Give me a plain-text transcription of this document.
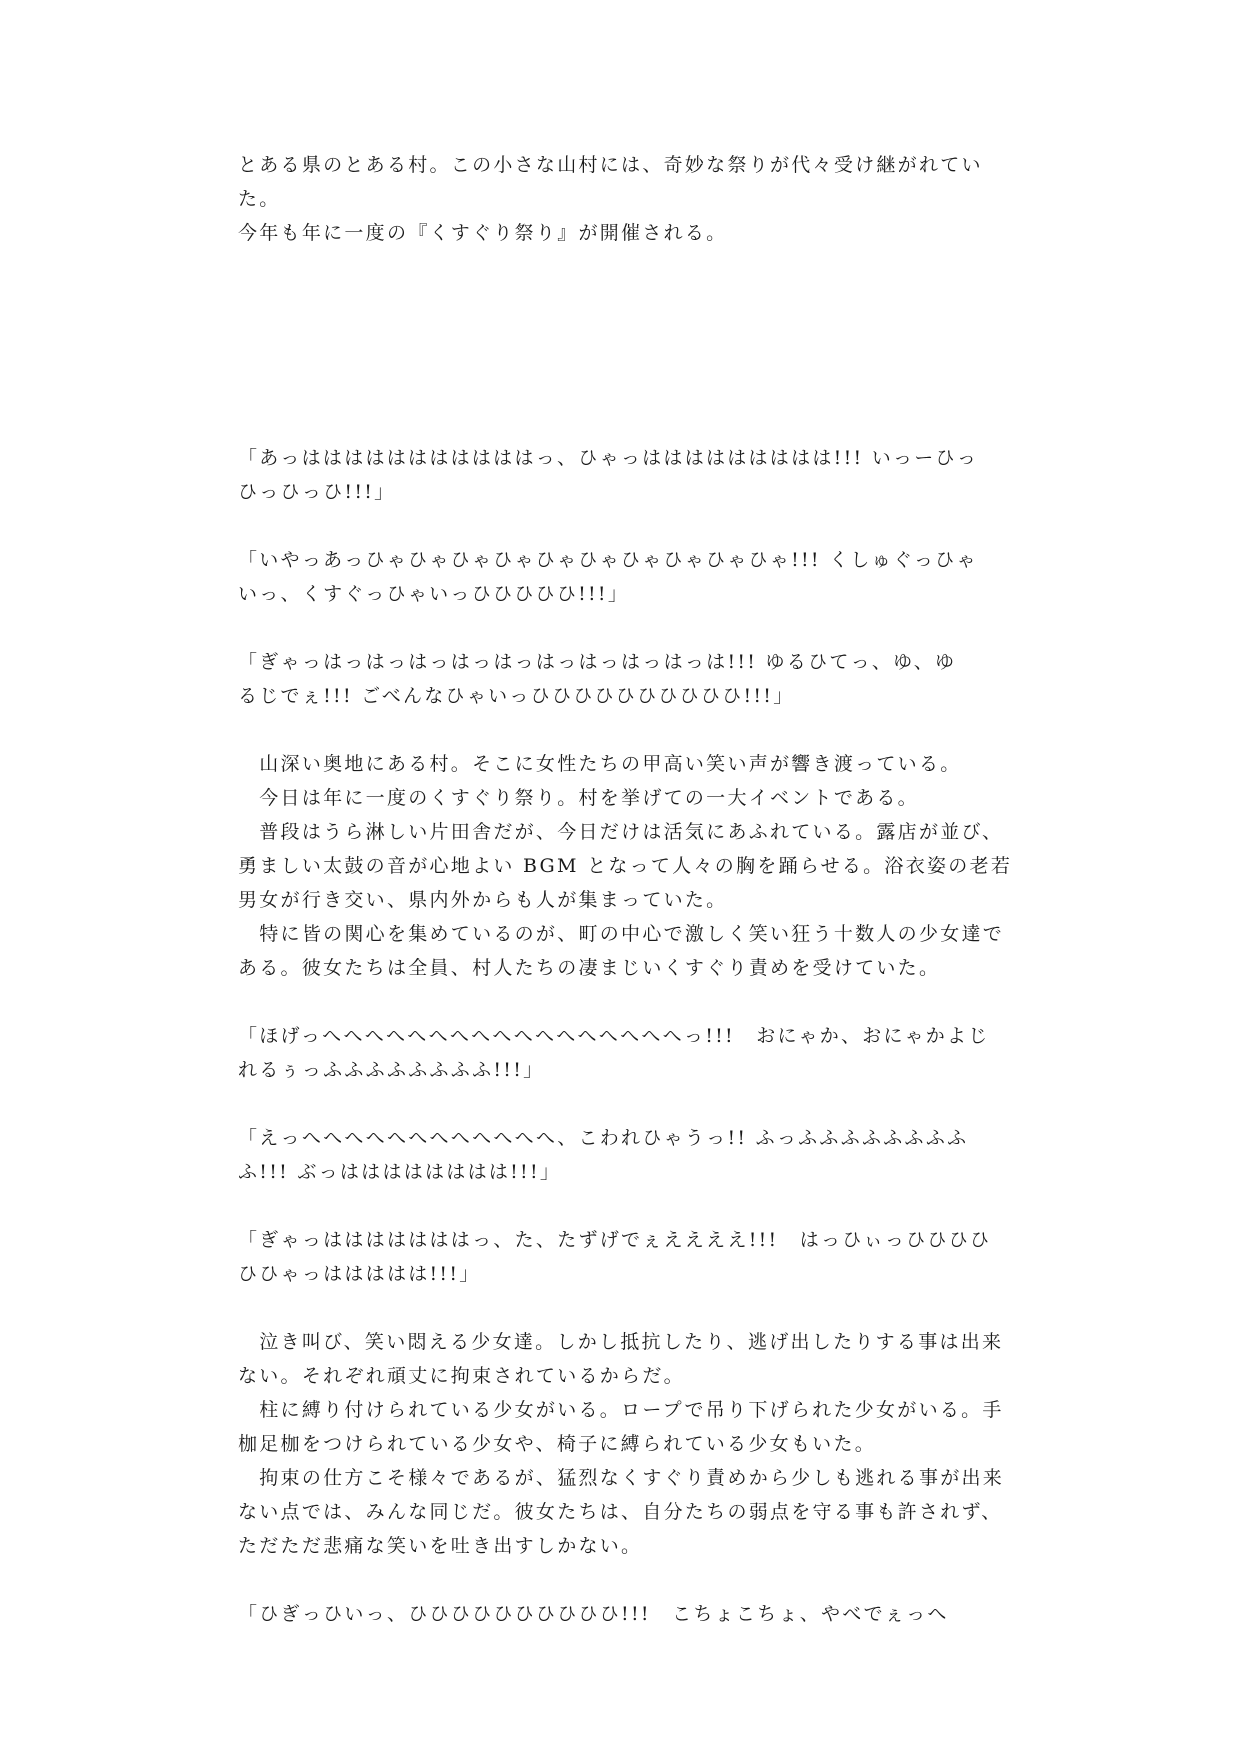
とある県のとある村。この小さな山村には、奇妙な祭りが代々受け継がれてい
た。
今年も年に一度の『くすぐり祭り』が開催される。
「あっはははははははははははっ、ひゃっははははははははは!!! いっーひっ
ひっひっひ!!!」
「いやっあっひゃひゃひゃひゃひゃひゃひゃひゃひゃひゃ!!! くしゅぐっひゃ
いっ、くすぐっひゃいっひひひひひ!!!」
「ぎゃっはっはっはっはっはっはっはっはっはっは!!! ゆるひてっ、ゆ、ゆ
るじでぇ!!! ごべんなひゃいっひひひひひひひひひひ!!!」
　山深い奥地にある村。そこに女性たちの甲高い笑い声が響き渡っている。
　今日は年に一度のくすぐり祭り。村を挙げての一大イベントである。
　普段はうら淋しい片田舎だが、今日だけは活気にあふれている。露店が並び、
勇ましい太鼓の音が心地よい BGM となって人々の胸を踊らせる。浴衣姿の老若
男女が行き交い、県内外からも人が集まっていた。
　特に皆の関心を集めているのが、町の中心で激しく笑い狂う十数人の少女達で
ある。彼女たちは全員、村人たちの凄まじいくすぐり責めを受けていた。
「ほげっへへへへへへへへへへへへへへへへへっ!!!　おにゃか、おにゃかよじ
れるぅっふふふふふふふふ!!!」
「えっへへへへへへへへへへへへ、こわれひゃうっ!! ふっふふふふふふふふ
ふ!!! ぶっはははははははは!!!」
「ぎゃっはははははははっ、た、たずげでぇええええ!!!　はっひぃっひひひひ
ひひゃっははははは!!!」
　泣き叫び、笑い悶える少女達。しかし抵抗したり、逃げ出したりする事は出来
ない。それぞれ頑丈に拘束されているからだ。
　柱に縛り付けられている少女がいる。ロープで吊り下げられた少女がいる。手
枷足枷をつけられている少女や、椅子に縛られている少女もいた。
　拘束の仕方こそ様々であるが、猛烈なくすぐり責めから少しも逃れる事が出来
ない点では、みんな同じだ。彼女たちは、自分たちの弱点を守る事も許されず、
ただただ悲痛な笑いを吐き出すしかない。
「ひぎっひいっ、ひひひひひひひひひひ!!!　こちょこちょ、やべでぇっへ
